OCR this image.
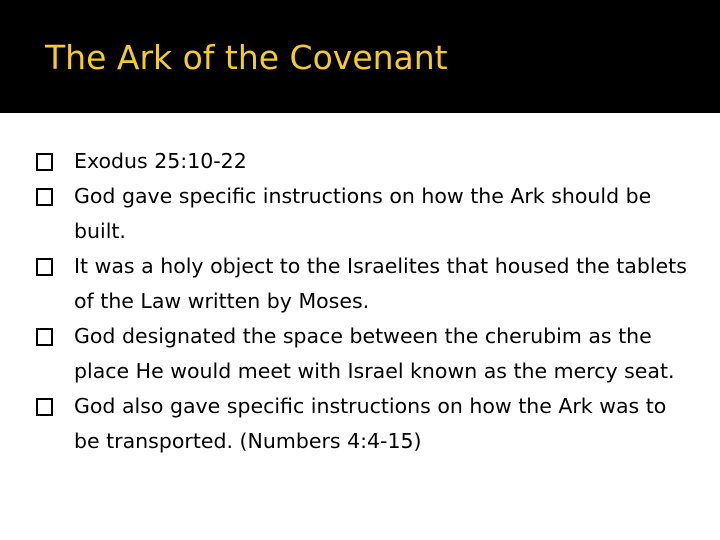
The Ark of the Covenant
Exodus 25:10-22
God gave specific instructions on how the Ark should be built.
It was a holy object to the Israelites that housed the tablets of the Law written by Moses.
God designated the space between the cherubim as the place He would meet with Israel known as the mercy seat.
God also gave specific instructions on how the Ark was to be transported. (Numbers 4:4-15)
